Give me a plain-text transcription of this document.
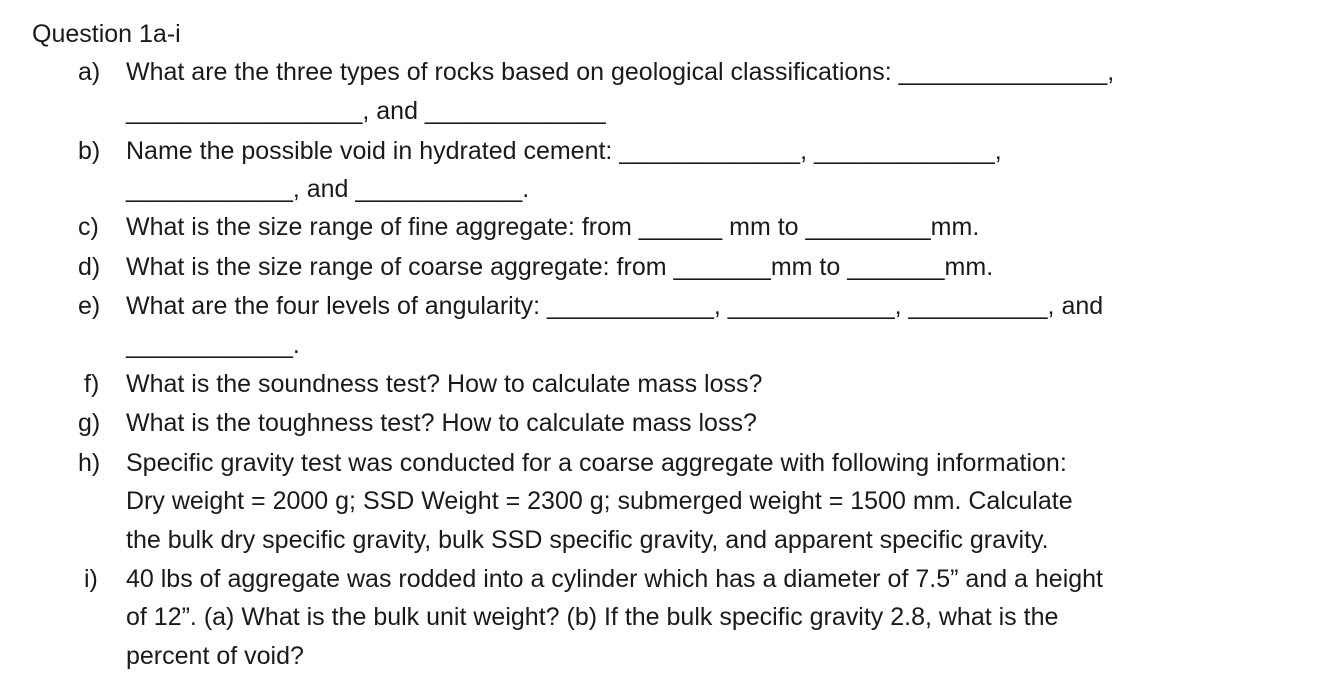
Question 1a-i
a) What are the three types of rocks based on geological classifications: _______________,
_________________, and _____________
b) Name the possible void in hydrated cement: _____________, _____________,
____________, and ____________.
c) What is the size range of fine aggregate: from ______ mm to _________mm.
d) What is the size range of coarse aggregate: from _______mm to _______mm.
e) What are the four levels of angularity: ____________, ____________, __________, and
____________.
f) What is the soundness test? How to calculate mass loss?
g) What is the toughness test? How to calculate mass loss?
h) Specific gravity test was conducted for a coarse aggregate with following information:
Dry weight = 2000 g; SSD Weight = 2300 g; submerged weight = 1500 mm. Calculate
the bulk dry specific gravity, bulk SSD specific gravity, and apparent specific gravity.
i) 40 lbs of aggregate was rodded into a cylinder which has a diameter of 7.5” and a height
of 12”. (a) What is the bulk unit weight? (b) If the bulk specific gravity 2.8, what is the
percent of void?
